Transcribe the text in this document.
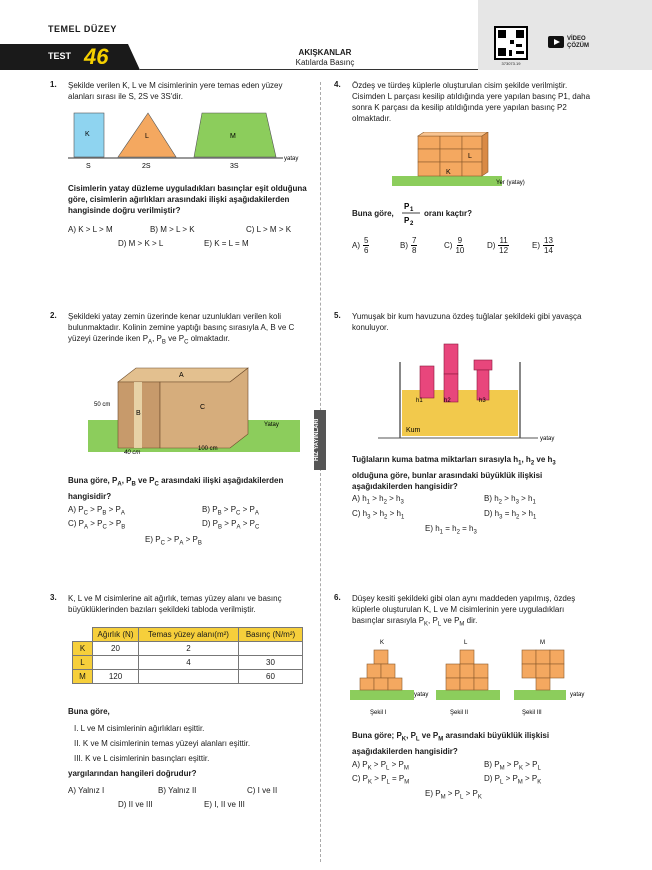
TEMEL DÜZEY
TEST 46	AKIŞKANLAR
Katılarda Basınç	373073.19
VİDEO
ÇÖZÜM
HIZ YAYINLARI
1. Şekilde verilen K, L ve M cisimlerinin yere temas eden yüzey alanları sırası ile S, 2S ve 3S'dir.
K	L	M
S	2S	3S
yatay
Cisimlerin yatay düzleme uyguladıkları basınçlar eşit olduğuna göre, cisimlerin ağırlıkları arasındaki ilişki aşağıdakilerden hangisinde doğru verilmiştir?
A) K > L > M	B) M > L > K	C) L > M > K
D) M > K > L	E) K = L = M
2. Şekildeki yatay zemin üzerinde kenar uzunlukları verilen koli bulunmaktadır. Kolinin zemine yaptığı basınç sırasıyla A, B ve C yüzeyi üzerinde iken $P_A$, $P_B$ ve $P_C$ olmaktadır.
A
B
C
50 cm
40 cm
100 cm
Yatay
Buna göre, $P_A$, $P_B$ ve $P_C$ arasındaki ilişki aşağıdakilerden hangisidir?
A) $P_C > P_B > P_A$	B) $P_B > P_C > P_A$
C) $P_A > P_C > P_B$	D) $P_B > P_A > P_C$
E) $P_C > P_A > P_B$
3. K, L ve M cisimlerine ait ağırlık, temas yüzey alanı ve basınç büyüklüklerinden bazıları şekildeki tabloda verilmiştir.
	Ağırlık (N)	Temas yüzey alanı(m²)	Basınç (N/m²)
K	20	2	
L		4	30
M	120		60
Buna göre,
I. L ve M cisimlerinin ağırlıkları eşittir.
II. K ve M cisimlerinin temas yüzeyi alanları eşittir.
III. K ve L cisimlerinin basınçları eşittir.
yargılarından hangileri doğrudur?
A) Yalnız I	B) Yalnız II	C) I ve II
D) II ve III	E) I, II ve III
4. Özdeş ve türdeş küplerle oluşturulan cisim şekilde verilmiştir. Cisimden L parçası kesilip atıldığında yere yapılan basınç P1, daha sonra K parçası da kesilip atıldığında yere yapılan basınç P2 olmaktadır.
L
K
Yer (yatay)
Buna göre,
P 1
P 2
oranı kaçtır?
A)
5
6
B)
7
8
C)
9
10
D)
11
12
E)
13
14
5. Yumuşak bir kum havuzuna özdeş tuğlalar şekildeki gibi yavaşça konuluyor.
h1	h2	h3
Kum
yatay
Tuğlaların kuma batma miktarları sırasıyla $h_1$, $h_2$ ve $h_3$ olduğuna göre, bunlar arasındaki büyüklük ilişkisi aşağıdakilerden hangisidir?
A) $h_1 > h_2 > h_3$	B) $h_2 > h_3 > h_1$
C) $h_3 > h_2 > h_1$	D) $h_3 = h_2 > h_1$
E) $h_1 = h_2 = h_3$
6. Düşey kesiti şekildeki gibi olan aynı maddeden yapılmış, özdeş küplerle oluşturulan K, L ve M cisimlerinin yere uyguladıkları basınçlar sırasıyla $P_K$, $P_L$ ve $P_M$ dir.
K	L	M
yatay	yatay
Şekil I	Şekil II	Şekil III
Buna göre; $P_K$, $P_L$ ve $P_M$ arasındaki büyüklük ilişkisi aşağıdakilerden hangisidir?
A) $P_K > P_L > P_M$	B) $P_M > P_K > P_L$
C) $P_K > P_L = P_M$	D) $P_L > P_M > P_K$
E) $P_M > P_L > P_K$
